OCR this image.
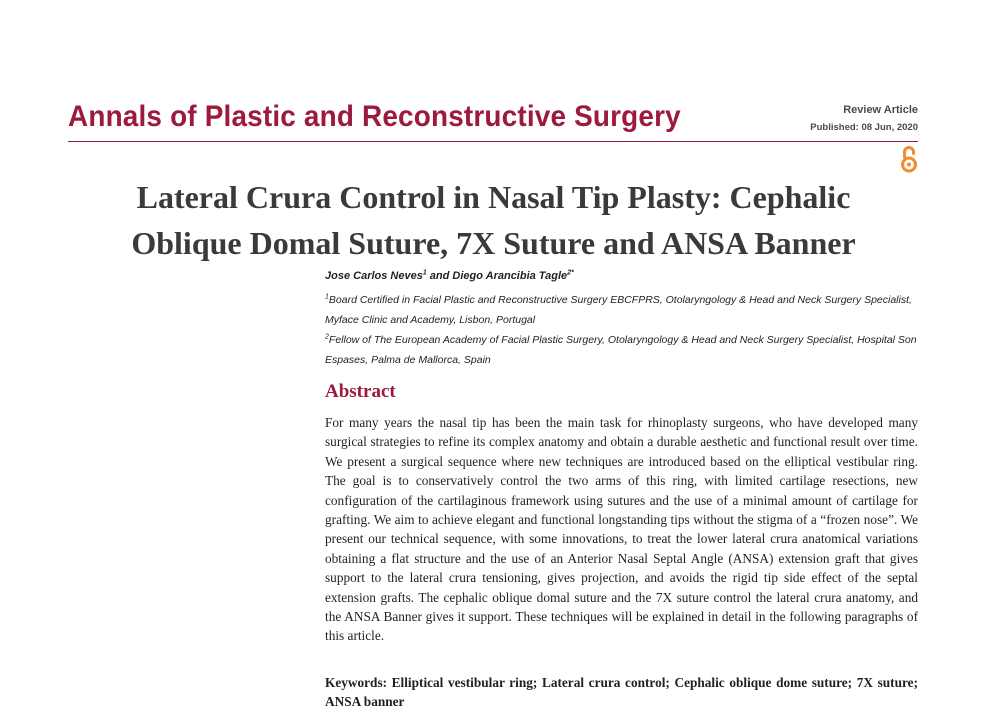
Annals of Plastic and Reconstructive Surgery	Review Article
Published: 08 Jun, 2020
Lateral Crura Control in Nasal Tip Plasty: Cephalic
Oblique Domal Suture, 7X Suture and ANSA Banner
Jose Carlos Neves$^1$ and Diego Arancibia Tagle$^{2*}$
$^1$Board Certified in Facial Plastic and Reconstructive Surgery EBCFPRS, Otolaryngology & Head and Neck Surgery Specialist, Myface Clinic and Academy, Lisbon, Portugal
$^2$Fellow of The European Academy of Facial Plastic Surgery, Otolaryngology & Head and Neck Surgery Specialist, Hospital Son Espases, Palma de Mallorca, Spain
Abstract
For many years the nasal tip has been the main task for rhinoplasty surgeons, who have developed many surgical strategies to refine its complex anatomy and obtain a durable aesthetic and functional result over time. We present a surgical sequence where new techniques are introduced based on the elliptical vestibular ring. The goal is to conservatively control the two arms of this ring, with limited cartilage resections, new configuration of the cartilaginous framework using sutures and the use of a minimal amount of cartilage for grafting. We aim to achieve elegant and functional longstanding tips without the stigma of a “frozen nose”. We present our technical sequence, with some innovations, to treat the lower lateral crura anatomical variations obtaining a flat structure and the use of an Anterior Nasal Septal Angle (ANSA) extension graft that gives support to the lateral crura tensioning, gives projection, and avoids the rigid tip side effect of the septal extension grafts. The cephalic oblique domal suture and the 7X suture control the lateral crura anatomy, and the ANSA Banner gives it support. These techniques will be explained in detail in the following paragraphs of this article.
Keywords: Elliptical vestibular ring; Lateral crura control; Cephalic oblique dome suture; 7X suture; ANSA banner
